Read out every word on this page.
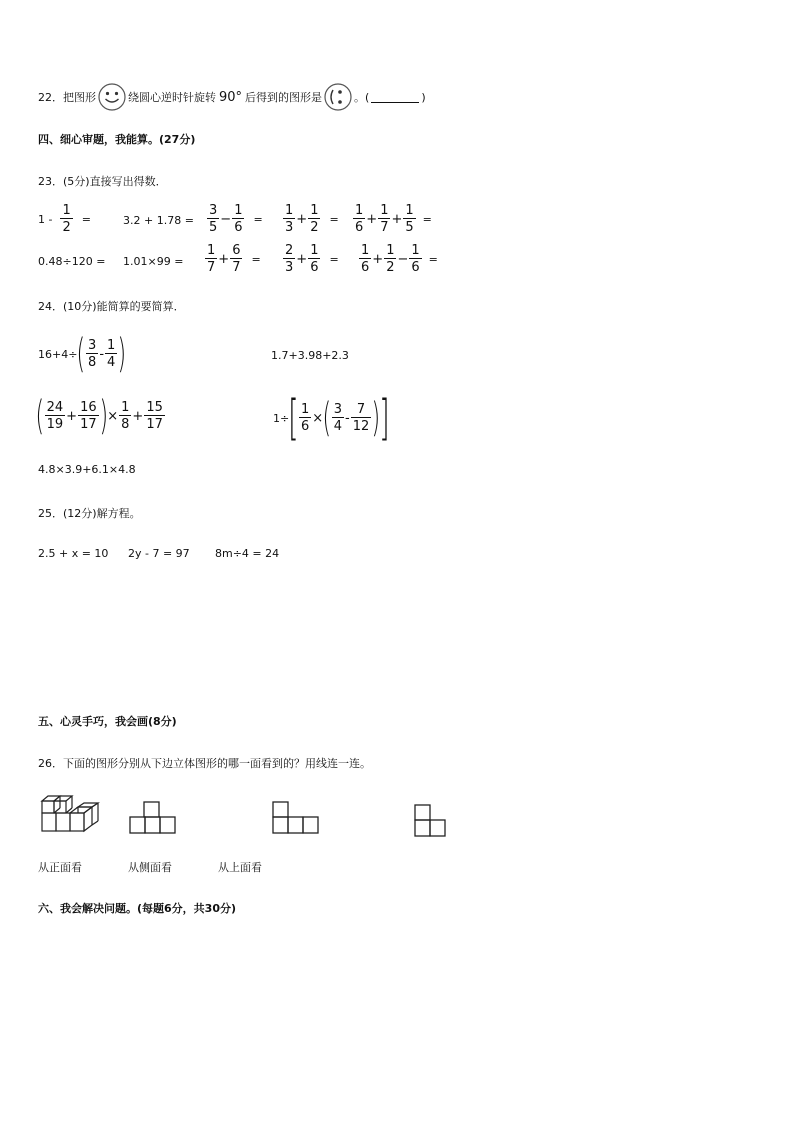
22．把图形	绕圆心逆时针旋转 90° 后得到的图形是	。(	)
四、细心审题，我能算。(27分)
23．(5分)直接写出得数．
$1 - \frac{1}{2}$ =	$3.2 + 1.78 = \frac{3}{5} - \frac{1}{6} = \frac{1}{3} + \frac{1}{2} = \frac{1}{6} + \frac{1}{7} + \frac{1}{5}$ =
$0.48\div 120 = 1.01\times 99 = \frac{1}{7} + \frac{6}{7} = \frac{2}{3} + \frac{1}{6} = \frac{1}{6} + \frac{1}{2} - \frac{1}{6}$ =
24．(10分)能简算的要简算．
16+4÷ ( $\frac{3}{8} - \frac{1}{4}$ )	1.7+3.98+2.3
( $\frac{24}{19} + \frac{16}{17}$ ) × $\frac{1}{8} + \frac{15}{17}$	1÷ [ $\frac{1}{6}$ × ( $\frac{3}{4} - \frac{7}{12}$ )
]
4.8×3.9+6.1×4.8
25．(12分)解方程。
2.5 + x = 10 2y - 7 = 97 8m÷4 = 24
五、心灵手巧，我会画(8分)
26．下面的图形分别从下边立体图形的哪一面看到的？用线连一连。
从正面看	从侧面看	从上面看
六、我会解决问题。(每题6分，共30分)
